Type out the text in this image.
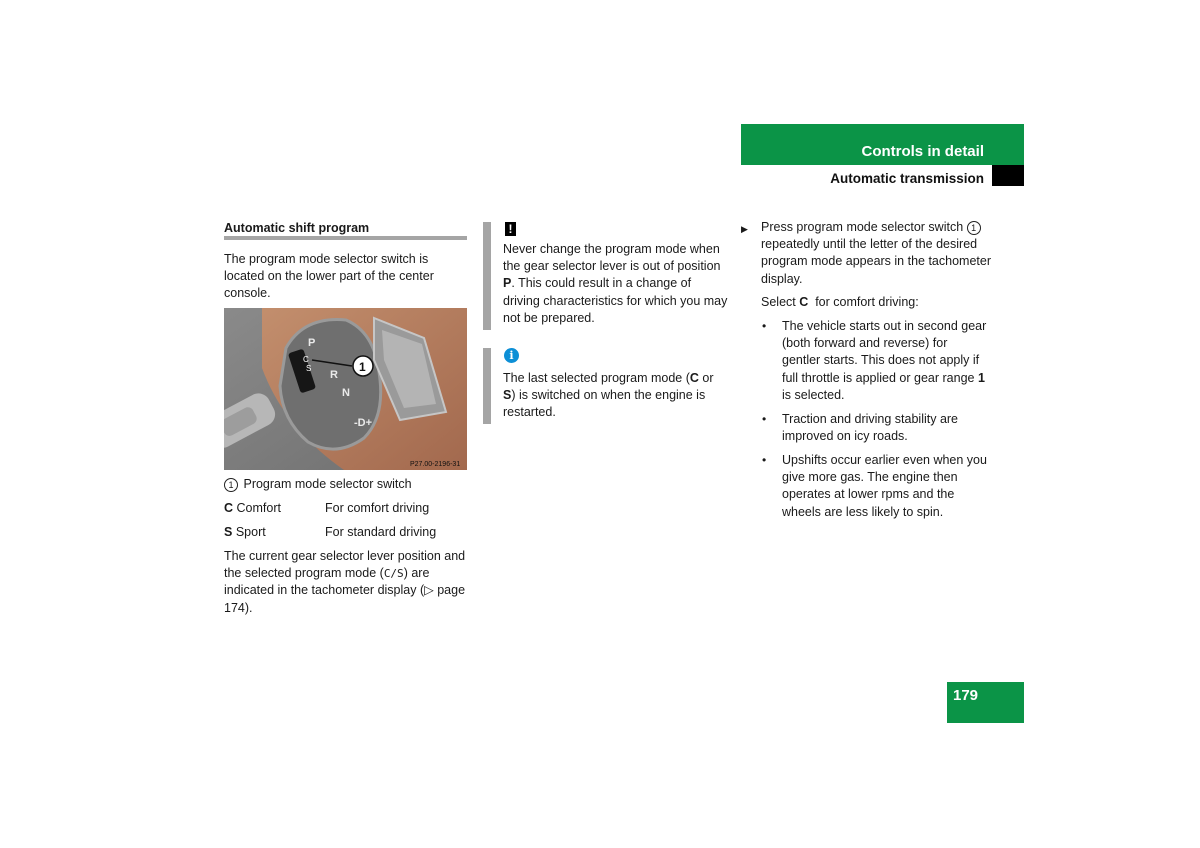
Controls in detail
Automatic transmission
Automatic shift program
The program mode selector switch is located on the lower part of the center console.
C
S
P
R
N
-D+
1
P27.00-2196-31
1 Program mode selector switch
C Comfort	For comfort driving
S Sport	For standard driving
The current gear selector lever position and the selected program mode (C/S) are indicated in the tachometer display (▷ page 174).
!
Never change the program mode when the gear selector lever is out of position P. This could result in a change of driving characteristics for which you may not be prepared.
i
The last selected program mode (C or S) is switched on when the engine is restarted.
▶ Press program mode selector switch 1 repeatedly until the letter of the desired program mode appears in the tachometer display.
Select C  for comfort driving:
• The vehicle starts out in second gear (both forward and reverse) for gentler starts. This does not apply if full throttle is applied or gear range 1 is selected.
• Traction and driving stability are improved on icy roads.
• Upshifts occur earlier even when you give more gas. The engine then operates at lower rpms and the wheels are less likely to spin.
179
